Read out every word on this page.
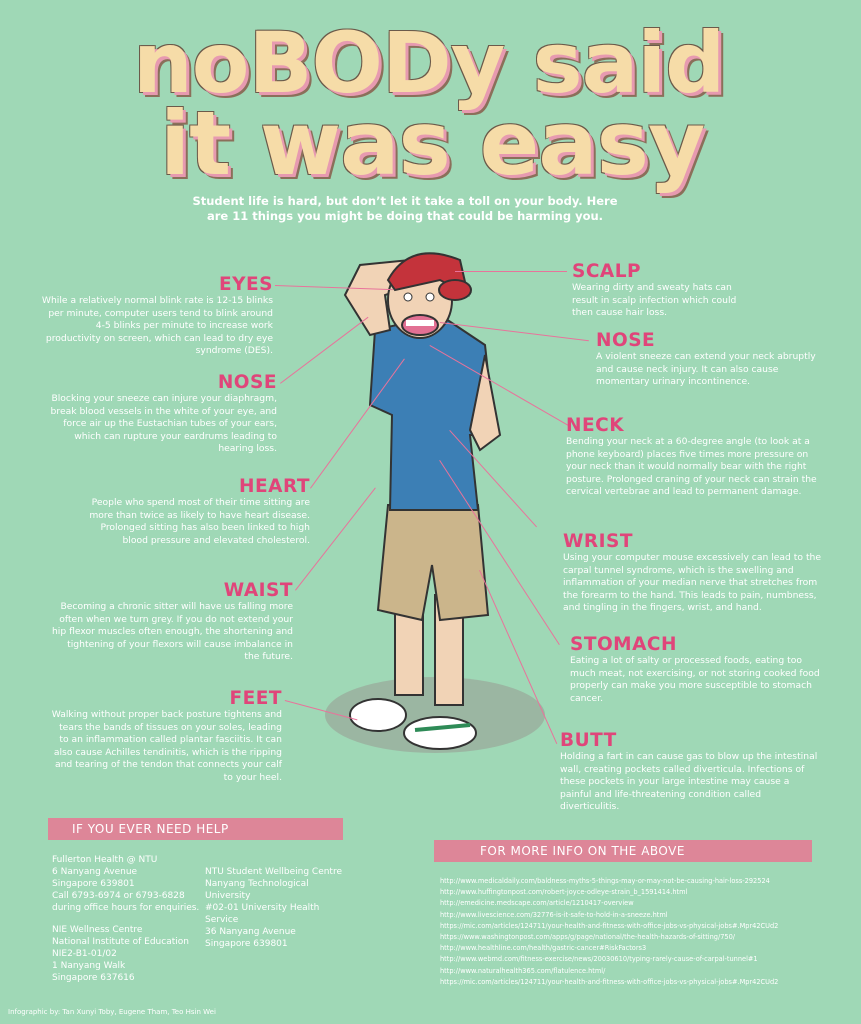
noBODy said
it was easy
Student life is hard, but don’t let it take a toll on your body. Here are 11 things you might be doing that could be harming you.
EYES
While a relatively normal blink rate is 12-15 blinks per minute, computer users tend to blink around 4-5 blinks per minute to increase work productivity on screen, which can lead to dry eye syndrome (DES).
NOSE
Blocking your sneeze can injure your diaphragm, break blood vessels in the white of your eye, and force air up the Eustachian tubes of your ears, which can rupture your eardrums leading to hearing loss.
HEART
People who spend most of their time sitting are more than twice as likely to have heart disease. Prolonged sitting has also been linked to high blood pressure and elevated cholesterol.
WAIST
Becoming a chronic sitter will have us falling more often when we turn grey. If you do not extend your hip flexor muscles often enough, the shortening and tightening of your flexors will cause imbalance in the future.
FEET
Walking without proper back posture tightens and tears the bands of tissues on your soles, leading to an inflammation called plantar fasciitis. It can also cause Achilles tendinitis, which is the ripping and tearing of the tendon that connects your calf to your heel.
SCALP
Wearing dirty and sweaty hats can result in scalp infection which could then cause hair loss.
NOSE
A violent sneeze can extend your neck abruptly and cause neck injury. It can also cause momentary urinary incontinence.
NECK
Bending your neck at a 60-degree angle (to look at a phone keyboard) places five times more pressure on your neck than it would normally bear with the right posture. Prolonged craning of your neck can strain the cervical vertebrae and lead to permanent damage.
WRIST
Using your computer mouse excessively can lead to the carpal tunnel syndrome, which is the swelling and inflammation of your median nerve that stretches from the forearm to the hand. This leads to pain, numbness, and tingling in the fingers, wrist, and hand.
STOMACH
Eating a lot of salty or processed foods, eating too much meat, not exercising, or not storing cooked food properly can make you more susceptible to stomach cancer.
BUTT
Holding a fart in can cause gas to blow up the intestinal wall, creating pockets called diverticula. Infections of these pockets in your large intestine may cause a painful and life-threatening condition called diverticulitis.
IF YOU EVER NEED HELP
Fullerton Health @ NTU
6 Nanyang Avenue
Singapore 639801
Call 6793-6974 or 6793-6828
during office hours for enquiries.
NIE Wellness Centre
National Institute of Education
NIE2-B1-01/02
1 Nanyang Walk
Singapore 637616
NTU Student Wellbeing Centre
Nanyang Technological
University
#02-01 University Health Service
36 Nanyang Avenue
Singapore 639801
FOR MORE INFO ON THE ABOVE
http://www.medicaldaily.com/baldness-myths-5-things-may-or-may-not-be-causing-hair-loss-292524
http://www.huffingtonpost.com/robert-joyce-odleye-strain_b_1591414.html
http://emedicine.medscape.com/article/1210417-overview
http://www.livescience.com/32776-is-it-safe-to-hold-in-a-sneeze.html
https://mic.com/articles/124711/your-health-and-fitness-with-office-jobs-vs-physical-jobs#.Mpr42CUd2
https://www.washingtonpost.com/apps/g/page/national/the-health-hazards-of-sitting/750/
http://www.healthline.com/health/gastric-cancer#RiskFactors3
http://www.webmd.com/fitness-exercise/news/20030610/typing-rarely-cause-of-carpal-tunnel#1
http://www.naturalhealth365.com/flatulence.html/
https://mic.com/articles/124711/your-health-and-fitness-with-office-jobs-vs-physical-jobs#.Mpr42CUd2
Infographic by: Tan Xunyi Toby, Eugene Tham, Teo Hsin Wei
